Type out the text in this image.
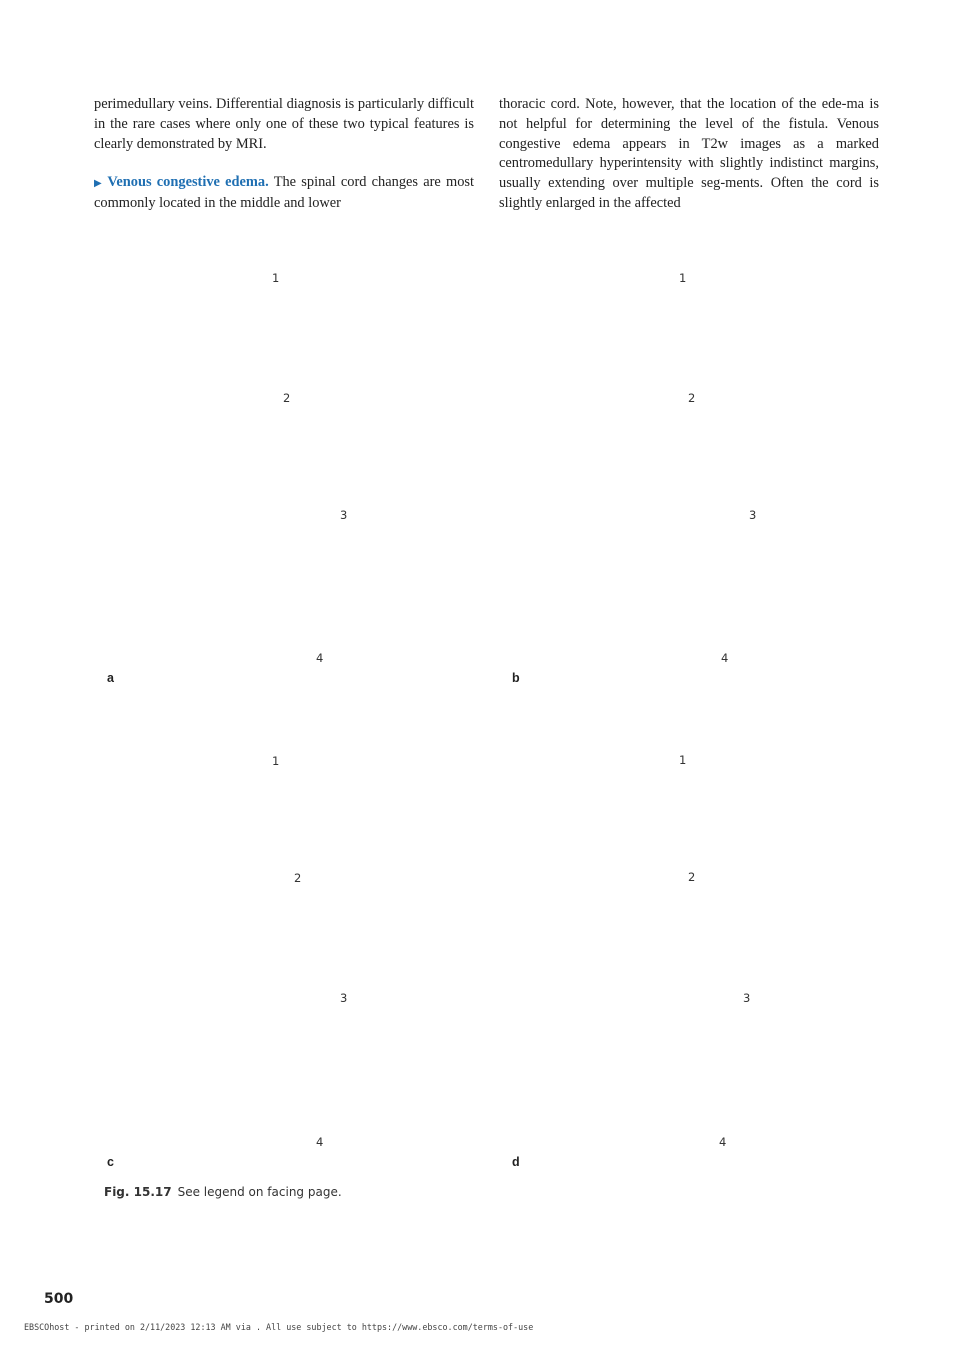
perimedullary veins. Differential diagnosis is particularly difficult in the rare cases where only one of these two typical features is clearly demonstrated by MRI.

▶ Venous congestive edema. The spinal cord changes are most commonly located in the middle and lower

thoracic cord. Note, however, that the location of the ede-ma is not helpful for determining the level of the fistula. Venous congestive edema appears in T2w images as a marked centromedullary hyperintensity with slightly indistinct margins, usually extending over multiple seg-ments. Often the cord is slightly enlarged in the affected

1
2
3
4
a
1
2
3
4
b
1
2
3
4
c
1
2
3
4
d
Fig. 15.17 See legend on facing page.
500
EBSCOhost - printed on 2/11/2023 12:13 AM via . All use subject to https://www.ebsco.com/terms-of-use
